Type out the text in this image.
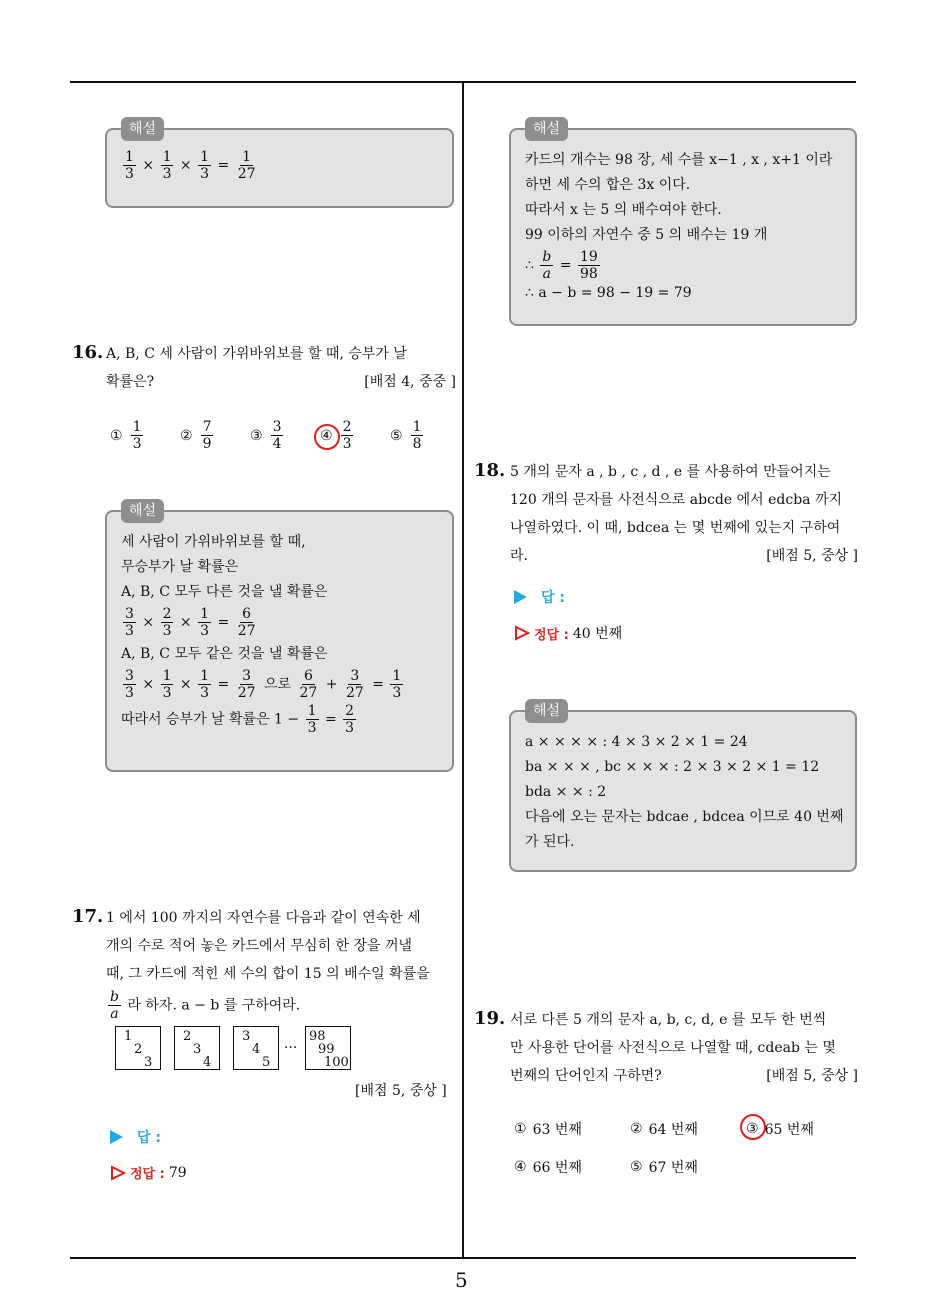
5
해설
$\frac{1}{3} \times \frac{1}{3} \times \frac{1}{3} = \frac{1}{27}$
16. A, B, C 세 사람이 가위바위보를 할 때, 승부가 날
확률은?	[배점 4, 중중 ]
① $\frac{1}{3}$	② $\frac{7}{9}$	③ $\frac{3}{4}$	④ $\frac{2}{3}$	⑤ $\frac{1}{8}$
해설
세 사람이 가위바위보를 할 때,
무승부가 날 확률은
A, B, C 모두 다른 것을 낼 확률은
$\frac{3}{3} \times \frac{2}{3} \times \frac{1}{3} = \frac{6}{27}$
A, B, C 모두 같은 것을 낼 확률은
$\frac{3}{3} \times \frac{1}{3} \times \frac{1}{3} = \frac{3}{27}$ 으로 $\frac{6}{27} + \frac{3}{27} = \frac{1}{3}$
따라서 승부가 날 확률은 $1 - \frac{1}{3} = \frac{2}{3}$
17. 1 에서 100 까지의 자연수를 다음과 같이 연속한 세
개의 수로 적어 놓은 카드에서 무심히 한 장을 꺼낼
때, 그 카드에 적힌 세 수의 합이 15 의 배수일 확률을
$\frac{b}{a}$ 라 하자. a − b 를 구하여라.
1
2
3
2
3
4
3
4
5
···
98
99
100
[배점 5, 중상 ]
답 :
정답 : 79
해설
카드의 개수는 98 장, 세 수를 x−1 , x , x+1 이라
하면 세 수의 합은 3x 이다.
따라서 x 는 5 의 배수여야 한다.
99 이하의 자연수 중 5 의 배수는 19 개
∴ $\frac{b}{a} = \frac{19}{98}$
∴ a − b = 98 − 19 = 79
18. 5 개의 문자 a , b , c , d , e 를 사용하여 만들어지는
120 개의 문자를 사전식으로 abcde 에서 edcba 까지
나열하였다. 이 때, bdcea 는 몇 번째에 있는지 구하여
라.	[배점 5, 중상 ]
답 :
정답 : 40 번째
해설
a × × × × : 4 × 3 × 2 × 1 = 24
ba × × × , bc × × × : 2 × 3 × 2 × 1 = 12
bda × × : 2
다음에 오는 문자는 bdcae , bdcea 이므로 40 번째
가 된다.
19. 서로 다른 5 개의 문자 a, b, c, d, e 를 모두 한 번씩
만 사용한 단어를 사전식으로 나열할 때, cdeab 는 몇
번째의 단어인지 구하면?	[배점 5, 중상 ]
① 63 번째	② 64 번째	③ 65 번째
④ 66 번째	⑤ 67 번째
